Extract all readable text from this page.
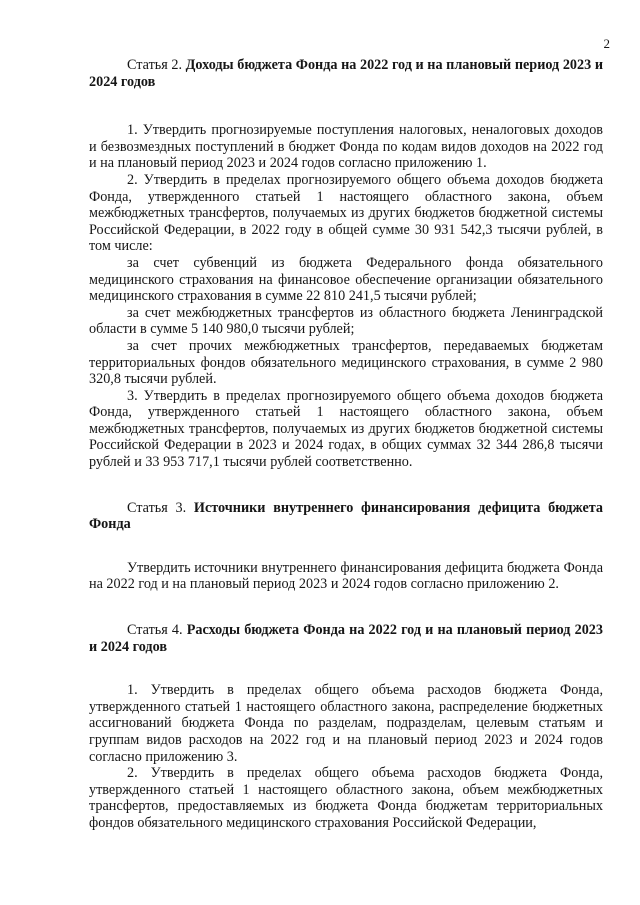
2

Статья 2. Доходы бюджета Фонда на 2022 год и на плановый период 2023 и 2024 годов

1. Утвердить прогнозируемые поступления налоговых, неналоговых доходов и безвозмездных поступлений в бюджет Фонда по кодам видов доходов на 2022 год и на плановый период 2023 и 2024 годов согласно приложению 1.

2. Утвердить в пределах прогнозируемого общего объема доходов бюджета Фонда, утвержденного статьей 1 настоящего областного закона, объем межбюджетных трансфертов, получаемых из других бюджетов бюджетной системы Российской Федерации, в 2022 году в общей сумме 30 931 542,3 тысячи рублей, в том числе:

за счет субвенций из бюджета Федерального фонда обязательного медицинского страхования на финансовое обеспечение организации обязательного медицинского страхования в сумме 22 810 241,5 тысячи рублей;

за счет межбюджетных трансфертов из областного бюджета Ленинградской области в сумме 5 140 980,0 тысячи рублей;

за счет прочих межбюджетных трансфертов, передаваемых бюджетам территориальных фондов обязательного медицинского страхования, в сумме 2 980 320,8 тысячи рублей.

3. Утвердить в пределах прогнозируемого общего объема доходов бюджета Фонда, утвержденного статьей 1 настоящего областного закона, объем межбюджетных трансфертов, получаемых из других бюджетов бюджетной системы Российской Федерации в 2023 и 2024 годах, в общих суммах 32 344 286,8 тысячи рублей и 33 953 717,1 тысячи рублей соответственно.

Статья 3. Источники внутреннего финансирования дефицита бюджета Фонда

Утвердить источники внутреннего финансирования дефицита бюджета Фонда на 2022 год и на плановый период 2023 и 2024 годов согласно приложению 2.

Статья 4. Расходы бюджета Фонда на 2022 год и на плановый период 2023 и 2024 годов

1. Утвердить в пределах общего объема расходов бюджета Фонда, утвержденного статьей 1 настоящего областного закона, распределение бюджетных ассигнований бюджета Фонда по разделам, подразделам, целевым статьям и группам видов расходов на 2022 год и на плановый период 2023 и 2024 годов согласно приложению 3.

2. Утвердить в пределах общего объема расходов бюджета Фонда, утвержденного статьей 1 настоящего областного закона, объем межбюджетных трансфертов, предоставляемых из бюджета Фонда бюджетам территориальных фондов обязательного медицинского страхования Российской Федерации,
